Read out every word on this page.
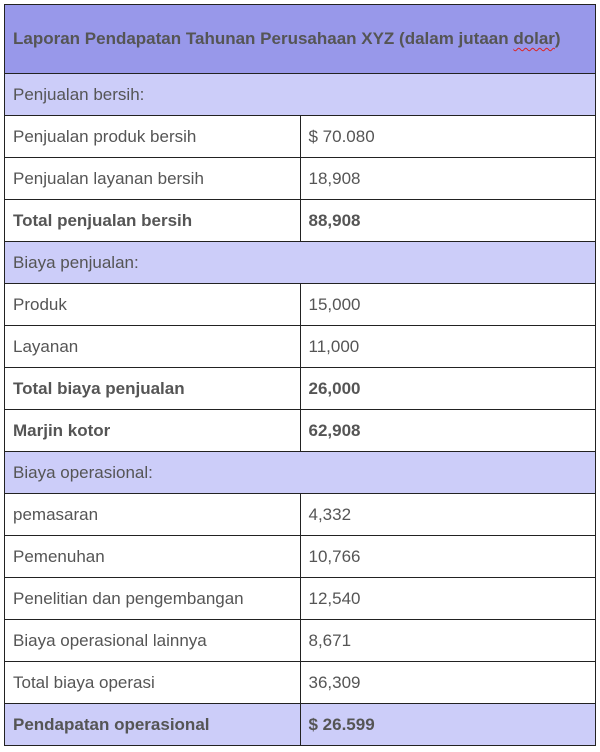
Laporan Pendapatan Tahunan Perusahaan XYZ (dalam jutaan dolar)	
Penjualan bersih:	
Penjualan produk bersih	$ 70.080
Penjualan layanan bersih	18,908
Total penjualan bersih	88,908
Biaya penjualan:	
Produk	15,000
Layanan	11,000
Total biaya penjualan	26,000
Marjin kotor	62,908
Biaya operasional:	
pemasaran	4,332
Pemenuhan	10,766
Penelitian dan pengembangan	12,540
Biaya operasional lainnya	8,671
Total biaya operasi	36,309
Pendapatan operasional	$ 26.599
